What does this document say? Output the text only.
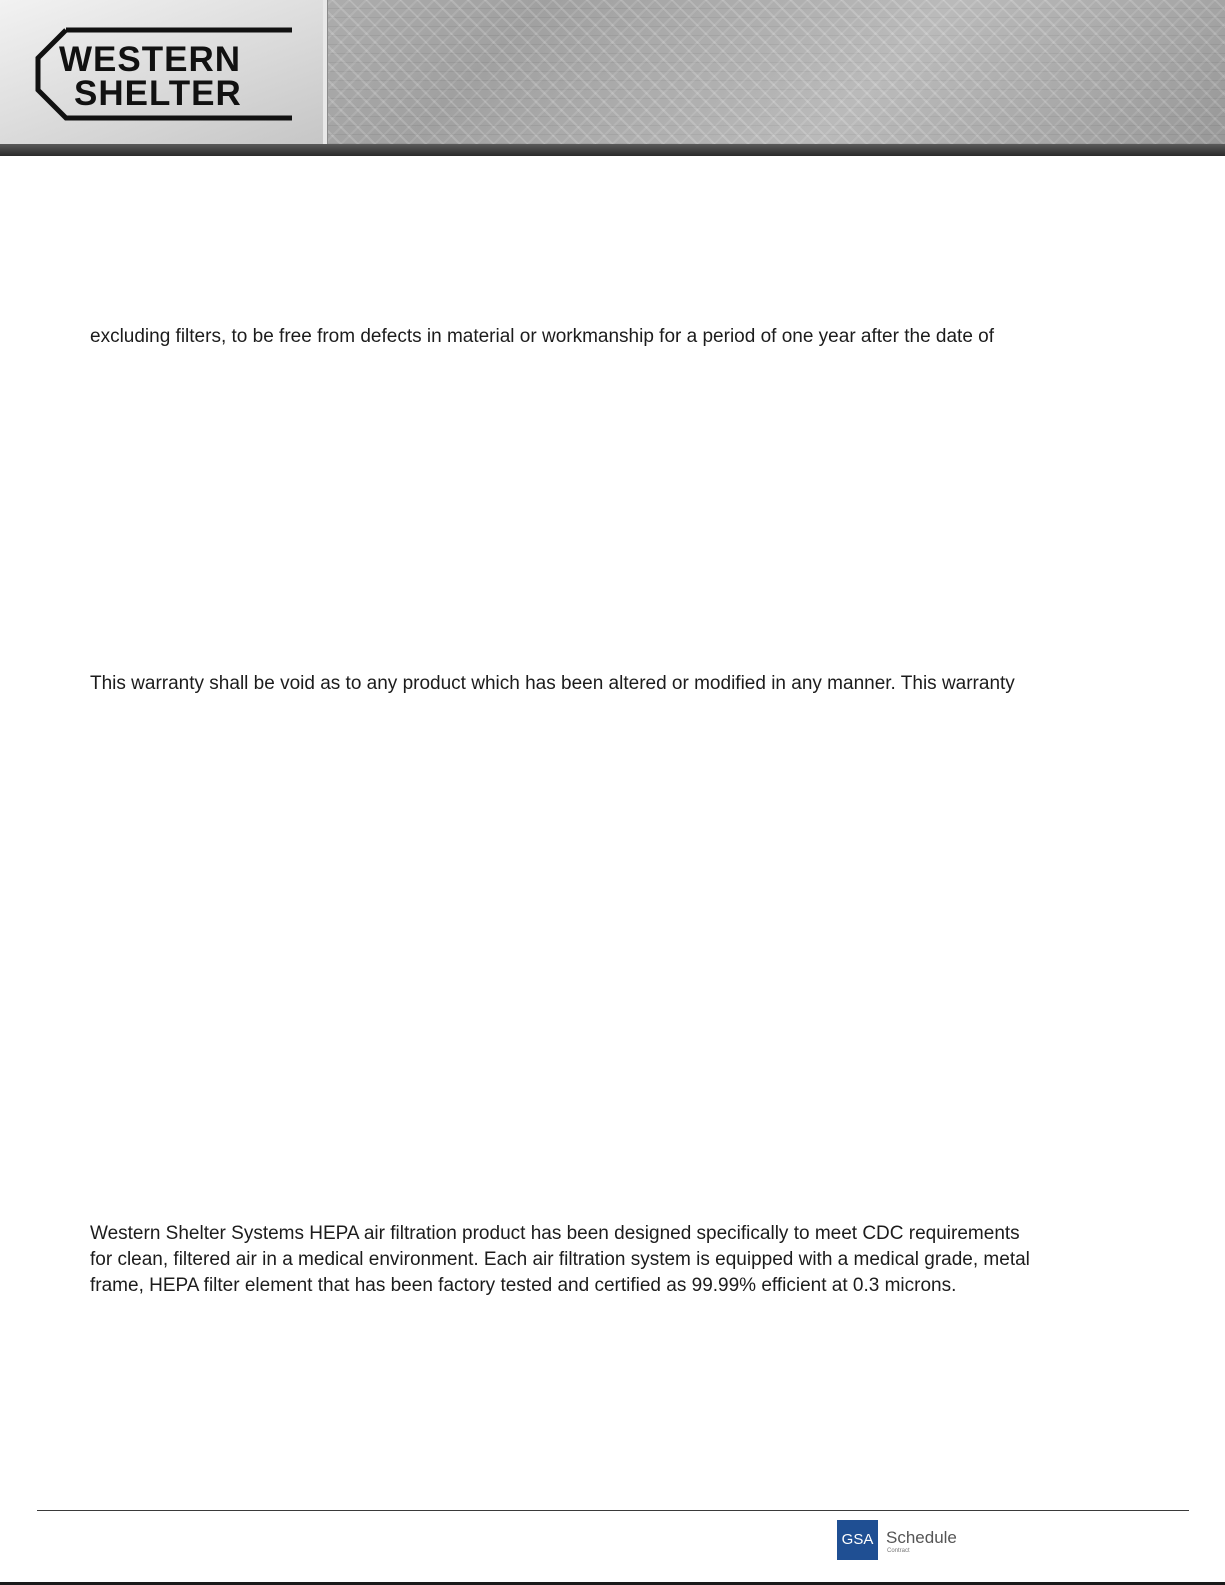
WESTERN
SHELTER

excluding filters, to be free from defects in material or workmanship for a period of one year after the date of

This warranty shall be void as to any product which has been altered or modified in any manner. This warranty

Western Shelter Systems HEPA air filtration product has been designed specifically to meet CDC requirements
for clean, filtered air in a medical environment. Each air filtration system is equipped with a medical grade, metal
frame, HEPA filter element that has been factory tested and certified as 99.99% efficient at 0.3 microns.

GSA Schedule
Contract
